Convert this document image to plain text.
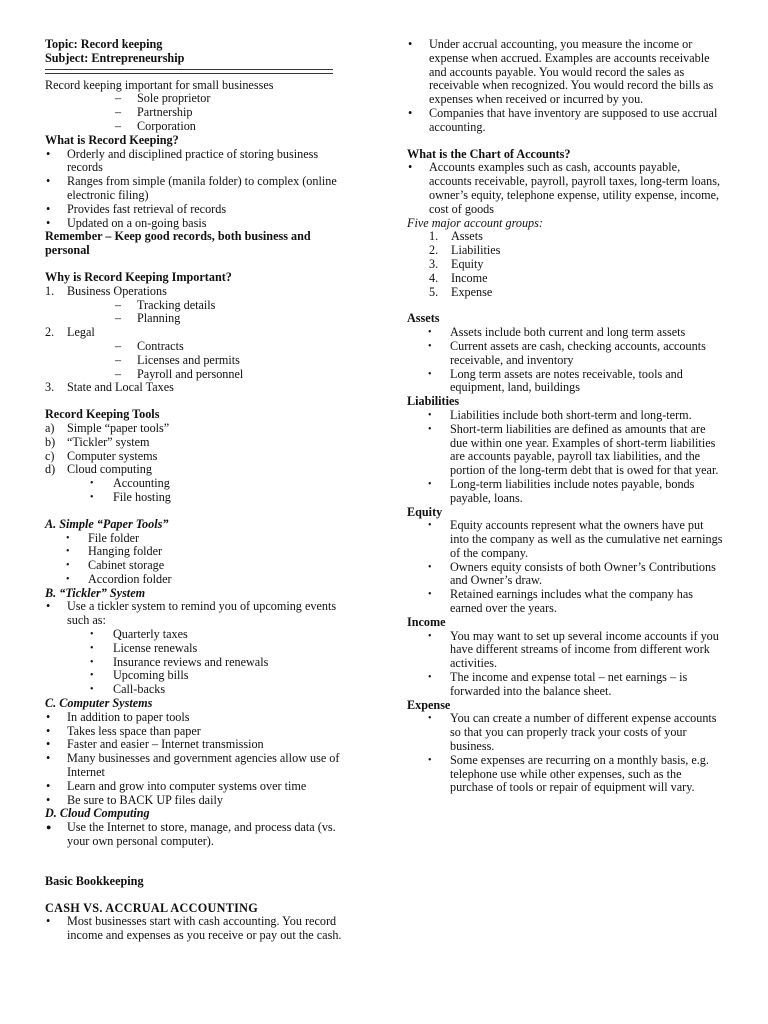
Topic: Record keeping

Subject: Entrepreneurship

Record keeping important for small businesses

– Sole proprietor
– Partnership
– Corporation

What is Record Keeping?

• Orderly and disciplined practice of storing business records
• Ranges from simple (manila folder) to complex (online electronic filing)
• Provides fast retrieval of records
• Updated on a on-going basis

Remember – Keep good records, both business and personal

Why is Record Keeping Important?

1. Business Operations
– Tracking details
– Planning
2. Legal
– Contracts
– Licenses and permits
– Payroll and personnel
3. State and Local Taxes

Record Keeping Tools

a) Simple “paper tools”
b) “Tickler” system
c) Computer systems
d) Cloud computing
• Accounting
• File hosting

A. Simple “Paper Tools”

• File folder
• Hanging folder
• Cabinet storage
• Accordion folder

B. “Tickler” System

• Use a tickler system to remind you of upcoming events such as:
• Quarterly taxes
• License renewals
• Insurance reviews and renewals
• Upcoming bills
• Call-backs

C. Computer Systems

• In addition to paper tools
• Takes less space than paper
• Faster and easier – Internet transmission
• Many businesses and government agencies allow use of Internet
• Learn and grow into computer systems over time
• Be sure to BACK UP files daily

D. Cloud Computing

● Use the Internet to store, manage, and process data (vs. your own personal computer).

Basic Bookkeeping

CASH VS. ACCRUAL ACCOUNTING

• Most businesses start with cash accounting. You record income and expenses as you receive or pay out the cash.
• Under accrual accounting, you measure the income or expense when accrued. Examples are accounts receivable and accounts payable. You would record the sales as receivable when recognized. You would record the bills as expenses when received or incurred by you.
• Companies that have inventory are supposed to use accrual accounting.

What is the Chart of Accounts?

• Accounts examples such as cash, accounts payable, accounts receivable, payroll, payroll taxes, long-term loans, owner’s equity, telephone expense, utility expense, income, cost of goods

Five major account groups:

1. Assets
2. Liabilities
3. Equity
4. Income
5. Expense

Assets

• Assets include both current and long term assets
• Current assets are cash, checking accounts, accounts receivable, and inventory
• Long term assets are notes receivable, tools and equipment, land, buildings

Liabilities

• Liabilities include both short-term and long-term.
• Short-term liabilities are defined as amounts that are due within one year. Examples of short-term liabilities are accounts payable, payroll tax liabilities, and the portion of the long-term debt that is owed for that year.
• Long-term liabilities include notes payable, bonds payable, loans.

Equity

• Equity accounts represent what the owners have put into the company as well as the cumulative net earnings of the company.
• Owners equity consists of both Owner’s Contributions and Owner’s draw.
• Retained earnings includes what the company has earned over the years.

Income

• You may want to set up several income accounts if you have different streams of income from different work activities.
• The income and expense total – net earnings – is forwarded into the balance sheet.

Expense

• You can create a number of different expense accounts so that you can properly track your costs of your business.
• Some expenses are recurring on a monthly basis, e.g. telephone use while other expenses, such as the purchase of tools or repair of equipment will vary.
